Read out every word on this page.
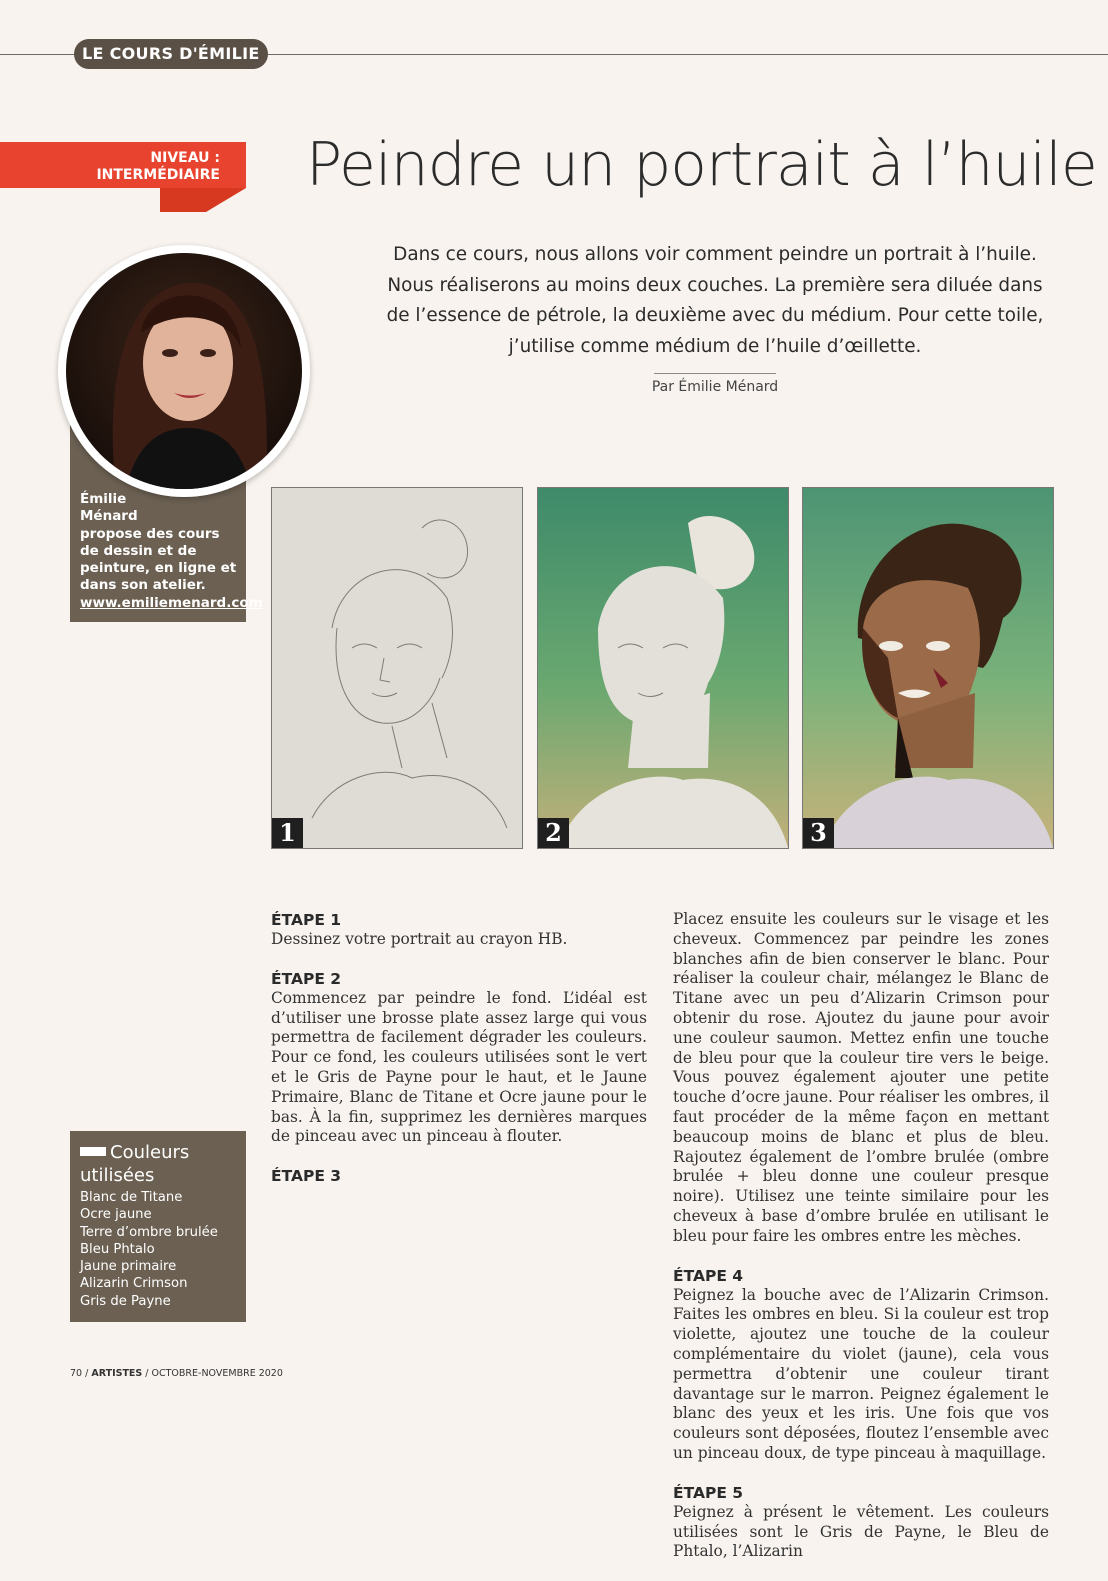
LE COURS D'ÉMILIE
NIVEAU :
INTERMÉDIAIRE	Peindre un portrait à l’huile

Dans ce cours, nous allons voir comment peindre un portrait à l’huile. Nous réaliserons au moins deux couches. La première sera diluée dans de l’essence de pétrole, la deuxième avec du médium. Pour cette toile, j’utilise comme médium de l’huile d’œillette.

Par Émilie Ménard
Émilie Ménard
propose des cours de dessin et de peinture, en ligne et dans son atelier.
www.emiliemenard.com
1	2	3
ÉTAPE 1

Dessinez votre portrait au crayon HB.

ÉTAPE 2

Commencez par peindre le fond. L’idéal est d’utiliser une brosse plate assez large qui vous permettra de facilement dégrader les couleurs. Pour ce fond, les couleurs utilisées sont le vert et le Gris de Payne pour le haut, et le Jaune Primaire, Blanc de Titane et Ocre jaune pour le bas. À la fin, supprimez les dernières marques de pinceau avec un pinceau à flouter.

ÉTAPE 3

Placez ensuite les couleurs sur le visage et les cheveux. Commencez par peindre les zones blanches afin de bien conserver le blanc. Pour réaliser la couleur chair, mélangez le Blanc de Titane avec un peu d’Alizarin Crimson pour obtenir du rose. Ajoutez du jaune pour avoir une couleur saumon. Mettez enfin une touche de bleu pour que la couleur tire vers le beige. Vous pouvez également ajouter une petite touche d’ocre jaune. Pour réaliser les ombres, il faut procéder de la même façon en mettant beaucoup moins de blanc et plus de bleu. Rajoutez également de l’ombre brulée (ombre brulée + bleu donne une couleur presque noire). Utilisez une teinte similaire pour les cheveux à base d’ombre brulée en utilisant le bleu pour faire les ombres entre les mèches.

ÉTAPE 4

Peignez la bouche avec de l’Alizarin Crimson. Faites les ombres en bleu. Si la couleur est trop violette, ajoutez une touche de la couleur complémentaire du violet (jaune), cela vous permettra d’obtenir une couleur tirant davantage sur le marron. Peignez également le blanc des yeux et les iris. Une fois que vos couleurs sont déposées, floutez l’ensemble avec un pinceau doux, de type pinceau à maquillage.

ÉTAPE 5

Peignez à présent le vêtement. Les couleurs utilisées sont le Gris de Payne, le Bleu de Phtalo, l’Alizarin

Couleurs utilisées
Blanc de Titane
Ocre jaune
Terre d’ombre brulée
Bleu Phtalo
Jaune primaire
Alizarin Crimson
Gris de Payne
70 / ARTISTES / OCTOBRE-NOVEMBRE 2020
